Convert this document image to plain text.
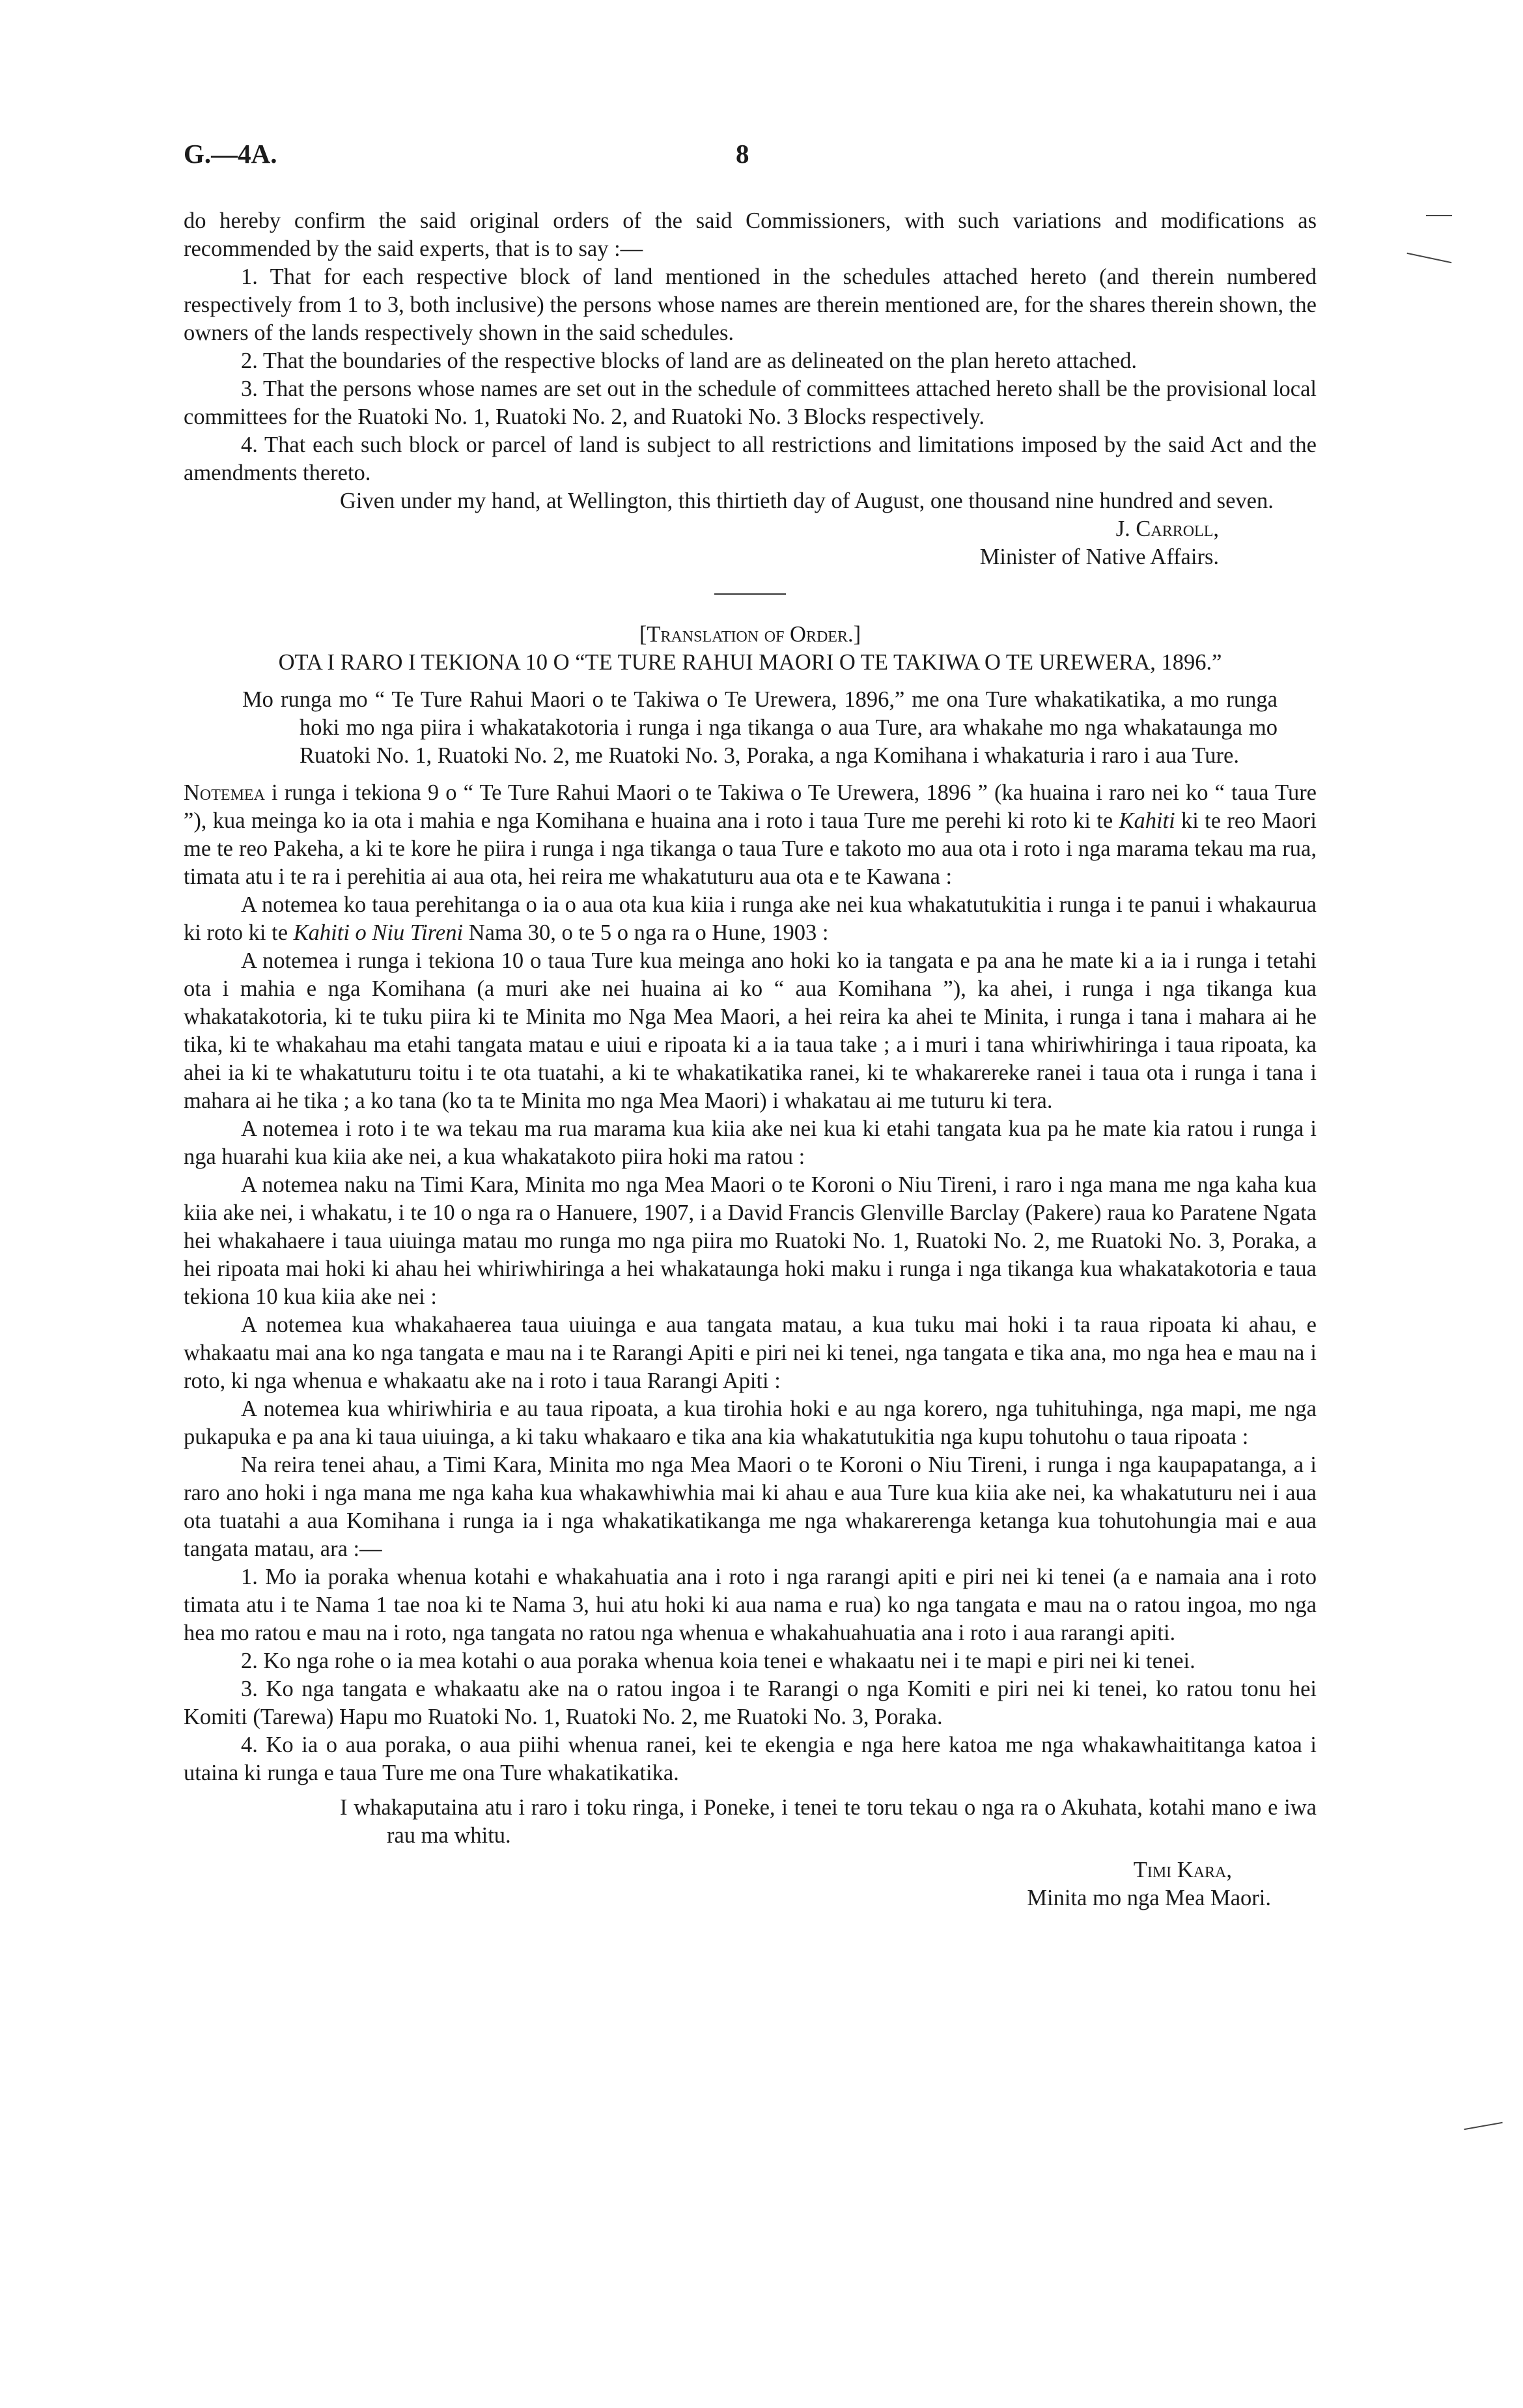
G.—4A.	8

do hereby confirm the said original orders of the said Commissioners, with such variations and modifications as recommended by the said experts, that is to say :—

1. That for each respective block of land mentioned in the schedules attached hereto (and therein numbered respectively from 1 to 3, both inclusive) the persons whose names are therein mentioned are, for the shares therein shown, the owners of the lands respectively shown in the said schedules.

2. That the boundaries of the respective blocks of land are as delineated on the plan hereto attached.

3. That the persons whose names are set out in the schedule of committees attached hereto shall be the provisional local committees for the Ruatoki No. 1, Ruatoki No. 2, and Ruatoki No. 3 Blocks respectively.

4. That each such block or parcel of land is subject to all restrictions and limitations imposed by the said Act and the amendments thereto.

Given under my hand, at Wellington, this thirtieth day of August, one thousand nine hundred and seven.

J. Carroll,

Minister of Native Affairs.

[Translation of Order.]

OTA I RARO I TEKIONA 10 O “TE TURE RAHUI MAORI O TE TAKIWA O TE UREWERA, 1896.”

Mo runga mo “ Te Ture Rahui Maori o te Takiwa o Te Urewera, 1896,” me ona Ture whakatikatika, a mo runga hoki mo nga piira i whakatakotoria i runga i nga tikanga o aua Ture, ara whakahe mo nga whakataunga mo Ruatoki No. 1, Ruatoki No. 2, me Ruatoki No. 3, Poraka, a nga Komihana i whakaturia i raro i aua Ture.

Notemea i runga i tekiona 9 o “ Te Ture Rahui Maori o te Takiwa o Te Urewera, 1896 ” (ka huaina i raro nei ko “ taua Ture ”), kua meinga ko ia ota i mahia e nga Komihana e huaina ana i roto i taua Ture me perehi ki roto ki te Kahiti ki te reo Maori me te reo Pakeha, a ki te kore he piira i runga i nga tikanga o taua Ture e takoto mo aua ota i roto i nga marama tekau ma rua, timata atu i te ra i perehitia ai aua ota, hei reira me whakatuturu aua ota e te Kawana :

A notemea ko taua perehitanga o ia o aua ota kua kiia i runga ake nei kua whakatutukitia i runga i te panui i whakaurua ki roto ki te Kahiti o Niu Tireni Nama 30, o te 5 o nga ra o Hune, 1903 :

A notemea i runga i tekiona 10 o taua Ture kua meinga ano hoki ko ia tangata e pa ana he mate ki a ia i runga i tetahi ota i mahia e nga Komihana (a muri ake nei huaina ai ko “ aua Komihana ”), ka ahei, i runga i nga tikanga kua whakatakotoria, ki te tuku piira ki te Minita mo Nga Mea Maori, a hei reira ka ahei te Minita, i runga i tana i mahara ai he tika, ki te whakahau ma etahi tangata matau e uiui e ripoata ki a ia taua take ; a i muri i tana whiriwhiringa i taua ripoata, ka ahei ia ki te whakatuturu toitu i te ota tuatahi, a ki te whakatikatika ranei, ki te whakarereke ranei i taua ota i runga i tana i mahara ai he tika ; a ko tana (ko ta te Minita mo nga Mea Maori) i whakatau ai me tuturu ki tera.

A notemea i roto i te wa tekau ma rua marama kua kiia ake nei kua ki etahi tangata kua pa he mate kia ratou i runga i nga huarahi kua kiia ake nei, a kua whakatakoto piira hoki ma ratou :

A notemea naku na Timi Kara, Minita mo nga Mea Maori o te Koroni o Niu Tireni, i raro i nga mana me nga kaha kua kiia ake nei, i whakatu, i te 10 o nga ra o Hanuere, 1907, i a David Francis Glenville Barclay (Pakere) raua ko Paratene Ngata hei whakahaere i taua uiuinga matau mo runga mo nga piira mo Ruatoki No. 1, Ruatoki No. 2, me Ruatoki No. 3, Poraka, a hei ripoata mai hoki ki ahau hei whiriwhiringa a hei whakataunga hoki maku i runga i nga tikanga kua whakatakotoria e taua tekiona 10 kua kiia ake nei :

A notemea kua whakahaerea taua uiuinga e aua tangata matau, a kua tuku mai hoki i ta raua ripoata ki ahau, e whakaatu mai ana ko nga tangata e mau na i te Rarangi Apiti e piri nei ki tenei, nga tangata e tika ana, mo nga hea e mau na i roto, ki nga whenua e whakaatu ake na i roto i taua Rarangi Apiti :

A notemea kua whiriwhiria e au taua ripoata, a kua tirohia hoki e au nga korero, nga tuhituhinga, nga mapi, me nga pukapuka e pa ana ki taua uiuinga, a ki taku whakaaro e tika ana kia whakatutukitia nga kupu tohutohu o taua ripoata :

Na reira tenei ahau, a Timi Kara, Minita mo nga Mea Maori o te Koroni o Niu Tireni, i runga i nga kaupapatanga, a i raro ano hoki i nga mana me nga kaha kua whakawhiwhia mai ki ahau e aua Ture kua kiia ake nei, ka whakatuturu nei i aua ota tuatahi a aua Komihana i runga ia i nga whakatikatikanga me nga whakarerenga ketanga kua tohutohungia mai e aua tangata matau, ara :—

1. Mo ia poraka whenua kotahi e whakahuatia ana i roto i nga rarangi apiti e piri nei ki tenei (a e namaia ana i roto timata atu i te Nama 1 tae noa ki te Nama 3, hui atu hoki ki aua nama e rua) ko nga tangata e mau na o ratou ingoa, mo nga hea mo ratou e mau na i roto, nga tangata no ratou nga whenua e whakahuahuatia ana i roto i aua rarangi apiti.

2. Ko nga rohe o ia mea kotahi o aua poraka whenua koia tenei e whakaatu nei i te mapi e piri nei ki tenei.

3. Ko nga tangata e whakaatu ake na o ratou ingoa i te Rarangi o nga Komiti e piri nei ki tenei, ko ratou tonu hei Komiti (Tarewa) Hapu mo Ruatoki No. 1, Ruatoki No. 2, me Ruatoki No. 3, Poraka.

4. Ko ia o aua poraka, o aua piihi whenua ranei, kei te ekengia e nga here katoa me nga whakawhaititanga katoa i utaina ki runga e taua Ture me ona Ture whakatikatika.

I whakaputaina atu i raro i toku ringa, i Poneke, i tenei te toru tekau o nga ra o Akuhata, kotahi mano e iwa rau ma whitu.

Timi Kara,

Minita mo nga Mea Maori.
